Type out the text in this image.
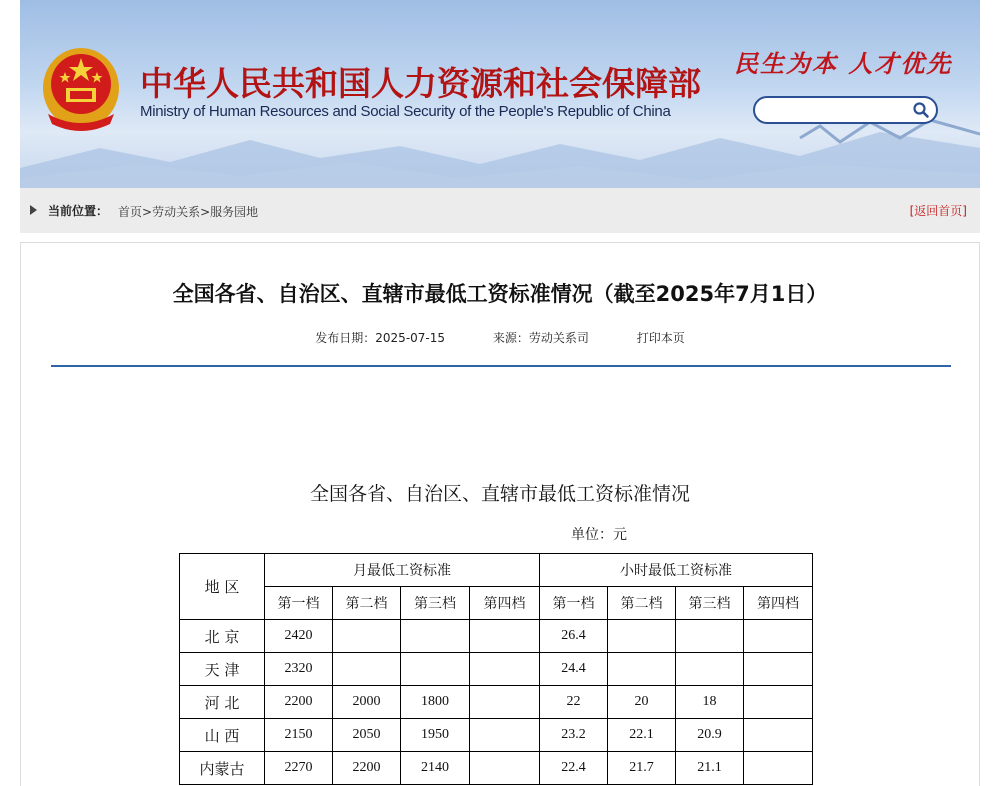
中华人民共和国人力资源和社会保障部
Ministry of Human Resources and Social Security of the People's Republic of China
民生为本 人才优先
当前位置： 首页>劳动关系>服务园地	[返回首页]
全国各省、自治区、直辖市最低工资标准情况（截至2025年7月1日）
发布日期：2025-07-15	来源：劳动关系司	打印本页
全国各省、自治区、直辖市最低工资标准情况
单位：元
地 区	月最低工资标准				小时最低工资标准			
	第一档	第二档	第三档	第四档	第一档	第二档	第三档	第四档
北 京	2420				26.4			
天 津	2320				24.4			
河 北	2200	2000	1800		22	20	18	
山 西	2150	2050	1950		23.2	22.1	20.9	
内蒙古	2270	2200	2140		22.4	21.7	21.1	
